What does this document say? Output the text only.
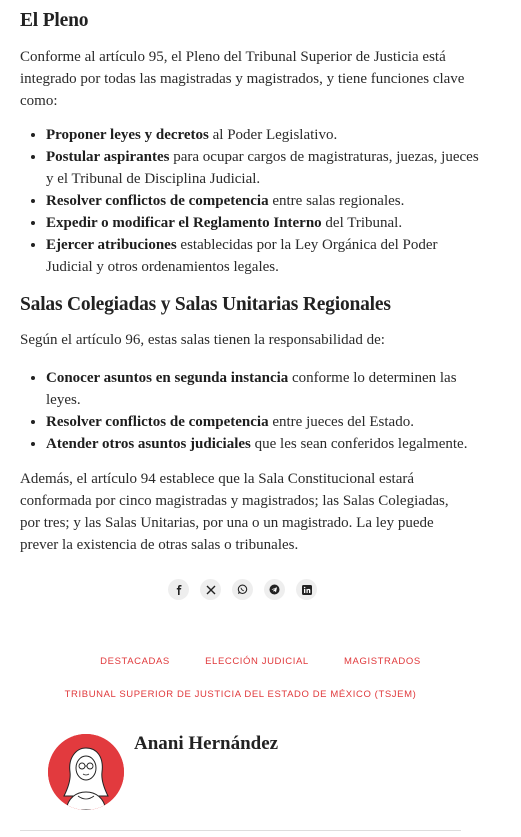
El Pleno

Conforme al artículo 95, el Pleno del Tribunal Superior de Justicia está integrado por todas las magistradas y magistrados, y tiene funciones clave como:

Proponer leyes y decretos al Poder Legislativo.
Postular aspirantes para ocupar cargos de magistraturas, juezas, jueces y el Tribunal de Disciplina Judicial.
Resolver conflictos de competencia entre salas regionales.
Expedir o modificar el Reglamento Interno del Tribunal.
Ejercer atribuciones establecidas por la Ley Orgánica del Poder Judicial y otros ordenamientos legales.
Salas Colegiadas y Salas Unitarias Regionales

Según el artículo 96, estas salas tienen la responsabilidad de:

Conocer asuntos en segunda instancia conforme lo determinen las leyes.
Resolver conflictos de competencia entre jueces del Estado.
Atender otros asuntos judiciales que les sean conferidos legalmente.

Además, el artículo 94 establece que la Sala Constitucional estará conformada por cinco magistradas y magistrados; las Salas Colegiadas, por tres; y las Salas Unitarias, por una o un magistrado. La ley puede prever la existencia de otras salas o tribunales.

DESTACADAS	ELECCIÓN JUDICIAL	MAGISTRADOS
TRIBUNAL SUPERIOR DE JUSTICIA DEL ESTADO DE MÉXICO (TSJEM)
Anani Hernández
